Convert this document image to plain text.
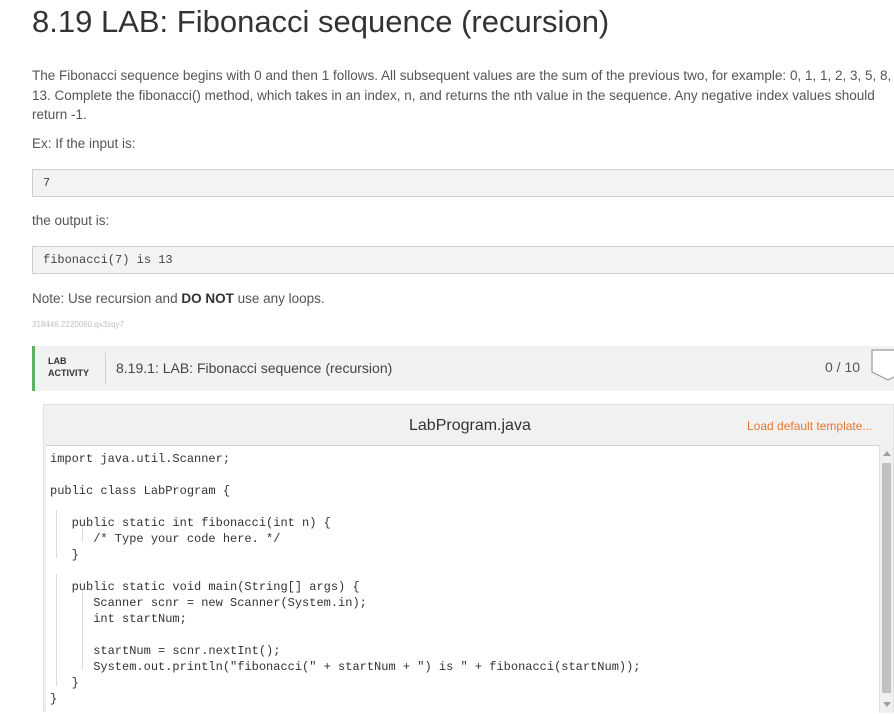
8.19 LAB: Fibonacci sequence (recursion)

The Fibonacci sequence begins with 0 and then 1 follows. All subsequent values are the sum of the previous two, for example: 0, 1, 1, 2, 3, 5, 8, 13. Complete the fibonacci() method, which takes in an index, n, and returns the nth value in the sequence. Any negative index values should return -1.

Ex: If the input is:

7

the output is:

fibonacci(7) is 13

Note: Use recursion and DO NOT use any loops.

318446.2220060.qx3zqy7
LAB
ACTIVITY	8.19.1: LAB: Fibonacci sequence (recursion)	0 / 10
LabProgram.java	Load default template...
import java.util.Scanner;
public class LabProgram {
public static int fibonacci(int n) {
/* Type your code here. */
}
public static void main(String[] args) {
Scanner scnr = new Scanner(System.in);
int startNum;
startNum = scnr.nextInt();
System.out.println("fibonacci(" + startNum + ") is " + fibonacci(startNum));
}
}
